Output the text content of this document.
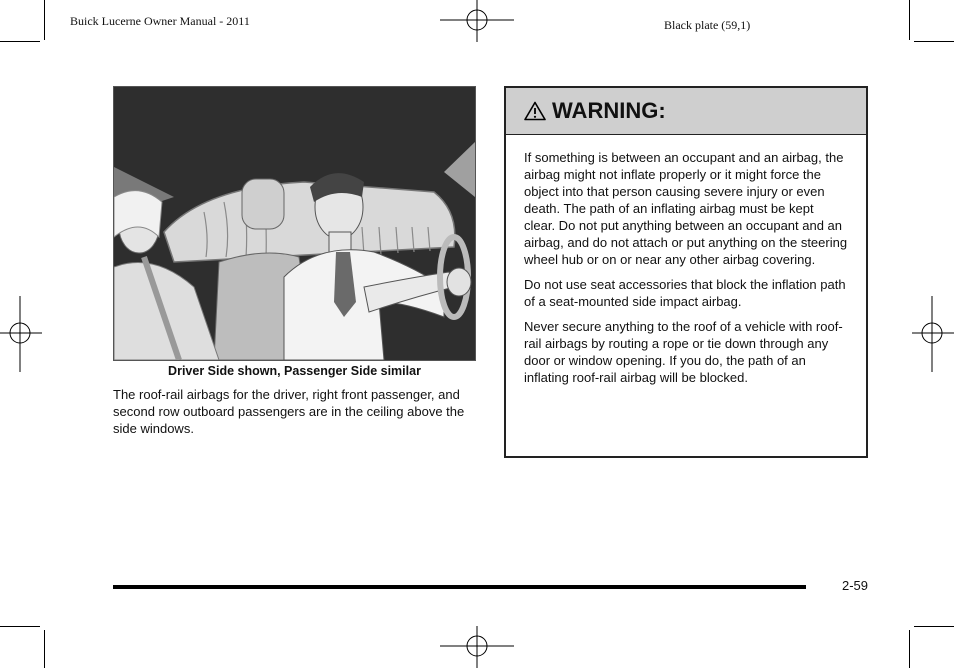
Buick Lucerne Owner Manual - 2011	Black plate (59,1)
Driver Side shown, Passenger Side similar

The roof-rail airbags for the driver, right front passenger, and second row outboard passengers are in the ceiling above the side windows.

WARNING:

If something is between an occupant and an airbag, the airbag might not inflate properly or it might force the object into that person causing severe injury or even death. The path of an inflating airbag must be kept clear. Do not put anything between an occupant and an airbag, and do not attach or put anything on the steering wheel hub or on or near any other airbag covering.

Do not use seat accessories that block the inflation path of a seat-mounted side impact airbag.

Never secure anything to the roof of a vehicle with roof-rail airbags by routing a rope or tie down through any door or window opening. If you do, the path of an inflating roof-rail airbag will be blocked.

2-59
